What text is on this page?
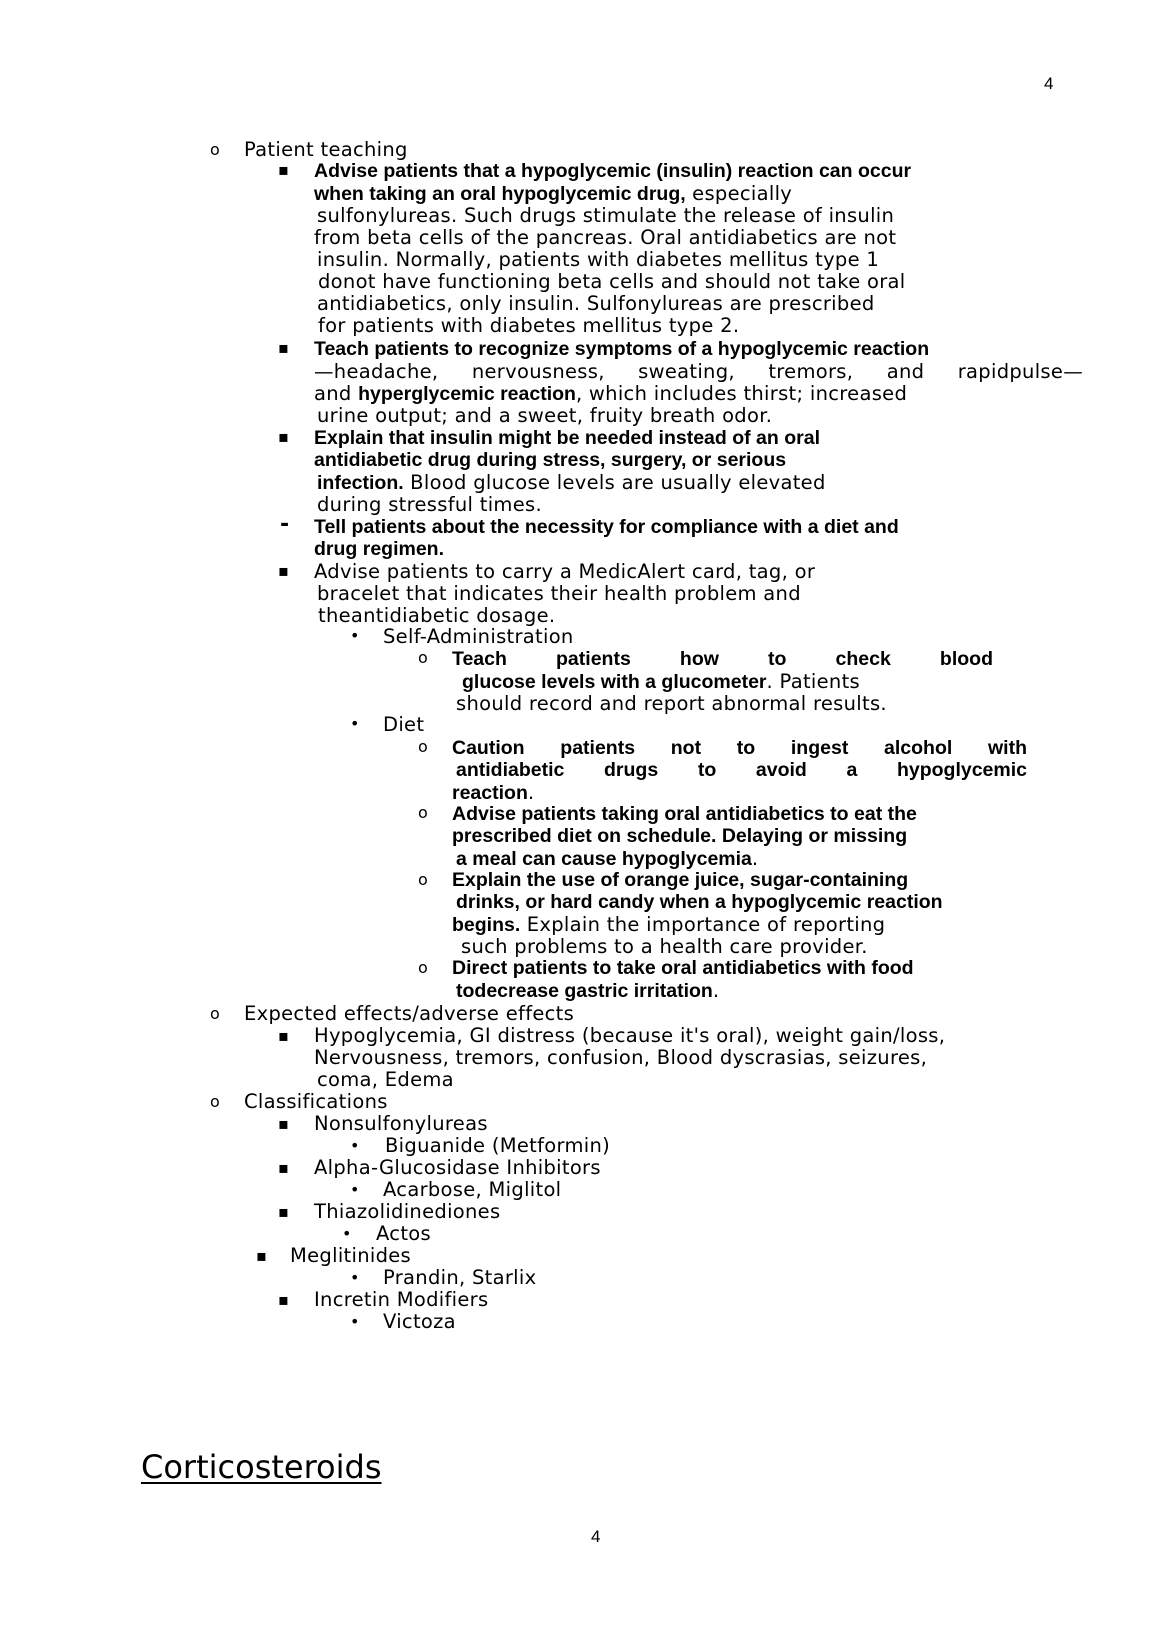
4
o Patient teaching
▪ Advise patients that a hypoglycemic (insulin) reaction can occur
when taking an oral hypoglycemic drug, especially
sulfonylureas. Such drugs stimulate the release of insulin
from beta cells of the pancreas. Oral antidiabetics are not
insulin. Normally, patients with diabetes mellitus type 1
donot have functioning beta cells and should not take oral
antidiabetics, only insulin. Sulfonylureas are prescribed
for patients with diabetes mellitus type 2.
▪ Teach patients to recognize symptoms of a hypoglycemic reaction
—headache, nervousness, sweating, tremors, and rapidpulse—
and hyperglycemic reaction, which includes thirst; increased
urine output; and a sweet, fruity breath odor.
▪ Explain that insulin might be needed instead of an oral
antidiabetic drug during stress, surgery, or serious
infection. Blood glucose levels are usually elevated
during stressful times.
- Tell patients about the necessity for compliance with a diet and
drug regimen.
▪ Advise patients to carry a MedicAlert card, tag, or
bracelet that indicates their health problem and
theantidiabetic dosage.
• Self-Administration
o Teach patients how to check blood
glucose levels with a glucometer. Patients
should record and report abnormal results.
• Diet
o Caution patients not to ingest alcohol with
antidiabetic drugs to avoid a hypoglycemic
reaction.
o Advise patients taking oral antidiabetics to eat the
prescribed diet on schedule. Delaying or missing
a meal can cause hypoglycemia.
o Explain the use of orange juice, sugar-containing
drinks, or hard candy when a hypoglycemic reaction
begins. Explain the importance of reporting
such problems to a health care provider.
o Direct patients to take oral antidiabetics with food
todecrease gastric irritation.
o Expected effects/adverse effects
▪ Hypoglycemia, GI distress (because it's oral), weight gain/loss,
Nervousness, tremors, confusion, Blood dyscrasias, seizures,
coma, Edema
o Classifications
▪ Nonsulfonylureas
• Biguanide (Metformin)
▪ Alpha-Glucosidase Inhibitors
• Acarbose, Miglitol
▪ Thiazolidinediones
• Actos
▪ Meglitinides
• Prandin, Starlix
▪ Incretin Modifiers
• Victoza
Corticosteroids
4
